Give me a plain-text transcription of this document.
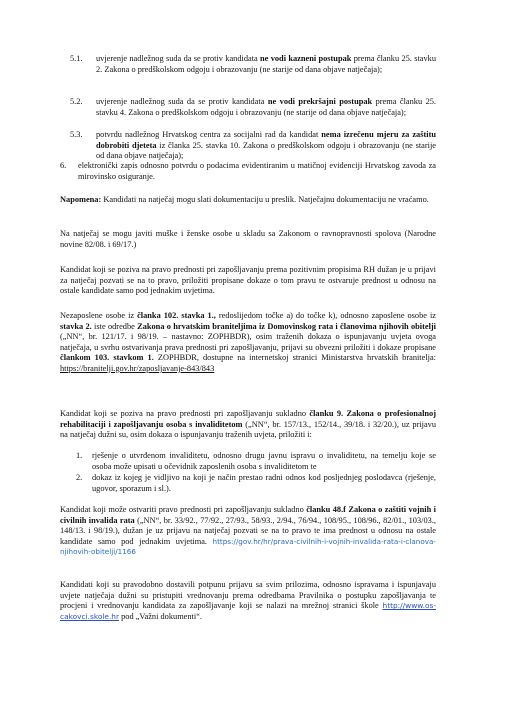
5.1. uvjerenje nadležnog suda da se protiv kandidata ne vodi kazneni postupak prema članku 25. stavku 2. Zakona o predškolskom odgoju i obrazovanju (ne starije od dana objave natječaja);
5.2. uvjerenje nadležnog suda da se protiv kandidata ne vodi prekršajni postupak prema članku 25. stavku 4. Zakona o predškolskom odgoju i obrazovanju (ne starije od dana objave natječaja);
5.3. potvrdu nadležnog Hrvatskog centra za socijalni rad da kandidat nema izrečenu mjeru za zaštitu dobrobiti djeteta iz članka 25. stavka 10. Zakona o predškolskom odgoju i obrazovanju (ne starije od dana objave natječaja);
6. elektronički zapis odnosno potvrdu o podacima evidentiranim u matičnoj evidenciji Hrvatskog zavoda za mirovinsko osiguranje.
Napomena: Kandidati na natječaj mogu slati dokumentaciju u preslik. Natječajnu dokumentaciju ne vraćamo.
Na natječaj se mogu javiti muške i ženske osobe u skladu sa Zakonom o ravnopravnosti spolova (Narodne novine 82/08. i 69/17.)
Kandidat koji se poziva na pravo prednosti pri zapošljavanju prema pozitivnim propisima RH dužan je u prijavi za natječaj pozvati se na to pravo, priložiti propisane dokaze o tom pravu te ostvaruje prednost u odnosu na ostale kandidate samo pod jednakim uvjetima.
Nezaposlene osobe iz članka 102. stavka 1., redoslijedom točke a) do točke k), odnosno zaposlene osobe iz stavka 2. iste odredbe Zakona o hrvatskim braniteljima iz Domovinskog rata i članovima njihovih obitelji („NN“, br. 121/17. i 98/19. – nastavno: ZOPHBDR), osim traženih dokaza o ispunjavanju uvjeta ovoga natječaja, u svrhu ostvarivanja prava prednosti pri zapošljavanju, prijavi su obvezni priložiti i dokaze propisane člankom 103. stavkom 1. ZOPHBDR, dostupne na internetskoj stranici Ministarstva hrvatskih branitelja: https://branitelji.gov.hr/zaposljavanje-843/843
Kandidat koji se poziva na pravo prednosti pri zapošljavanju sukladno članku 9. Zakona o profesionalnoj rehabilitaciji i zapošljavanju osoba s invaliditetom („NN“, br. 157/13., 152/14., 39/18. i 32/20.), uz prijavu na natječaj dužni su, osim dokaza o ispunjavanju traženih uvjeta, priložiti i:
1. rješenje o utvrđenom invaliditetu, odnosno drugu javnu ispravu o invaliditetu, na temelju koje se osoba može upisati u očevidnik zaposlenih osoba s invaliditetom te
2. dokaz iz kojeg je vidljivo na koji je način prestao radni odnos kod posljednjeg poslodavca (rješenje, ugovor, sporazum i sl.).
Kandidat koji može ostvariti pravo prednosti pri zapošljavanju sukladno članku 48.f Zakona o zaštiti vojnih i civilnih invalida rata („NN“, br. 33/92., 77/92., 27/93., 58/93., 2/94., 76/94., 108/95., 108/96., 82/01., 103/03., 148/13. i 98/19.), dužan je uz prijavu na natječaj pozvati se na to pravo te ima prednost u odnosu na ostale kandidate samo pod jednakim uvjetima. https://gov.hr/hr/prava-civilnih-i-vojnih-invalida-rata-i-clanova-njihovih-obitelji/1166
Kandidati koji su pravodobno dostavili potpunu prijavu sa svim prilozima, odnosno ispravama i ispunjavaju uvjete natječaja dužni su pristupiti vrednovanju prema odredbama Pravilnika o postupku zapošljavanja te procjeni i vrednovanju kandidata za zapošljavanje koji se nalazi na mrežnoj stranici škole http://www.os-cakovci.skole.hr pod „Važni dokumenti“.
